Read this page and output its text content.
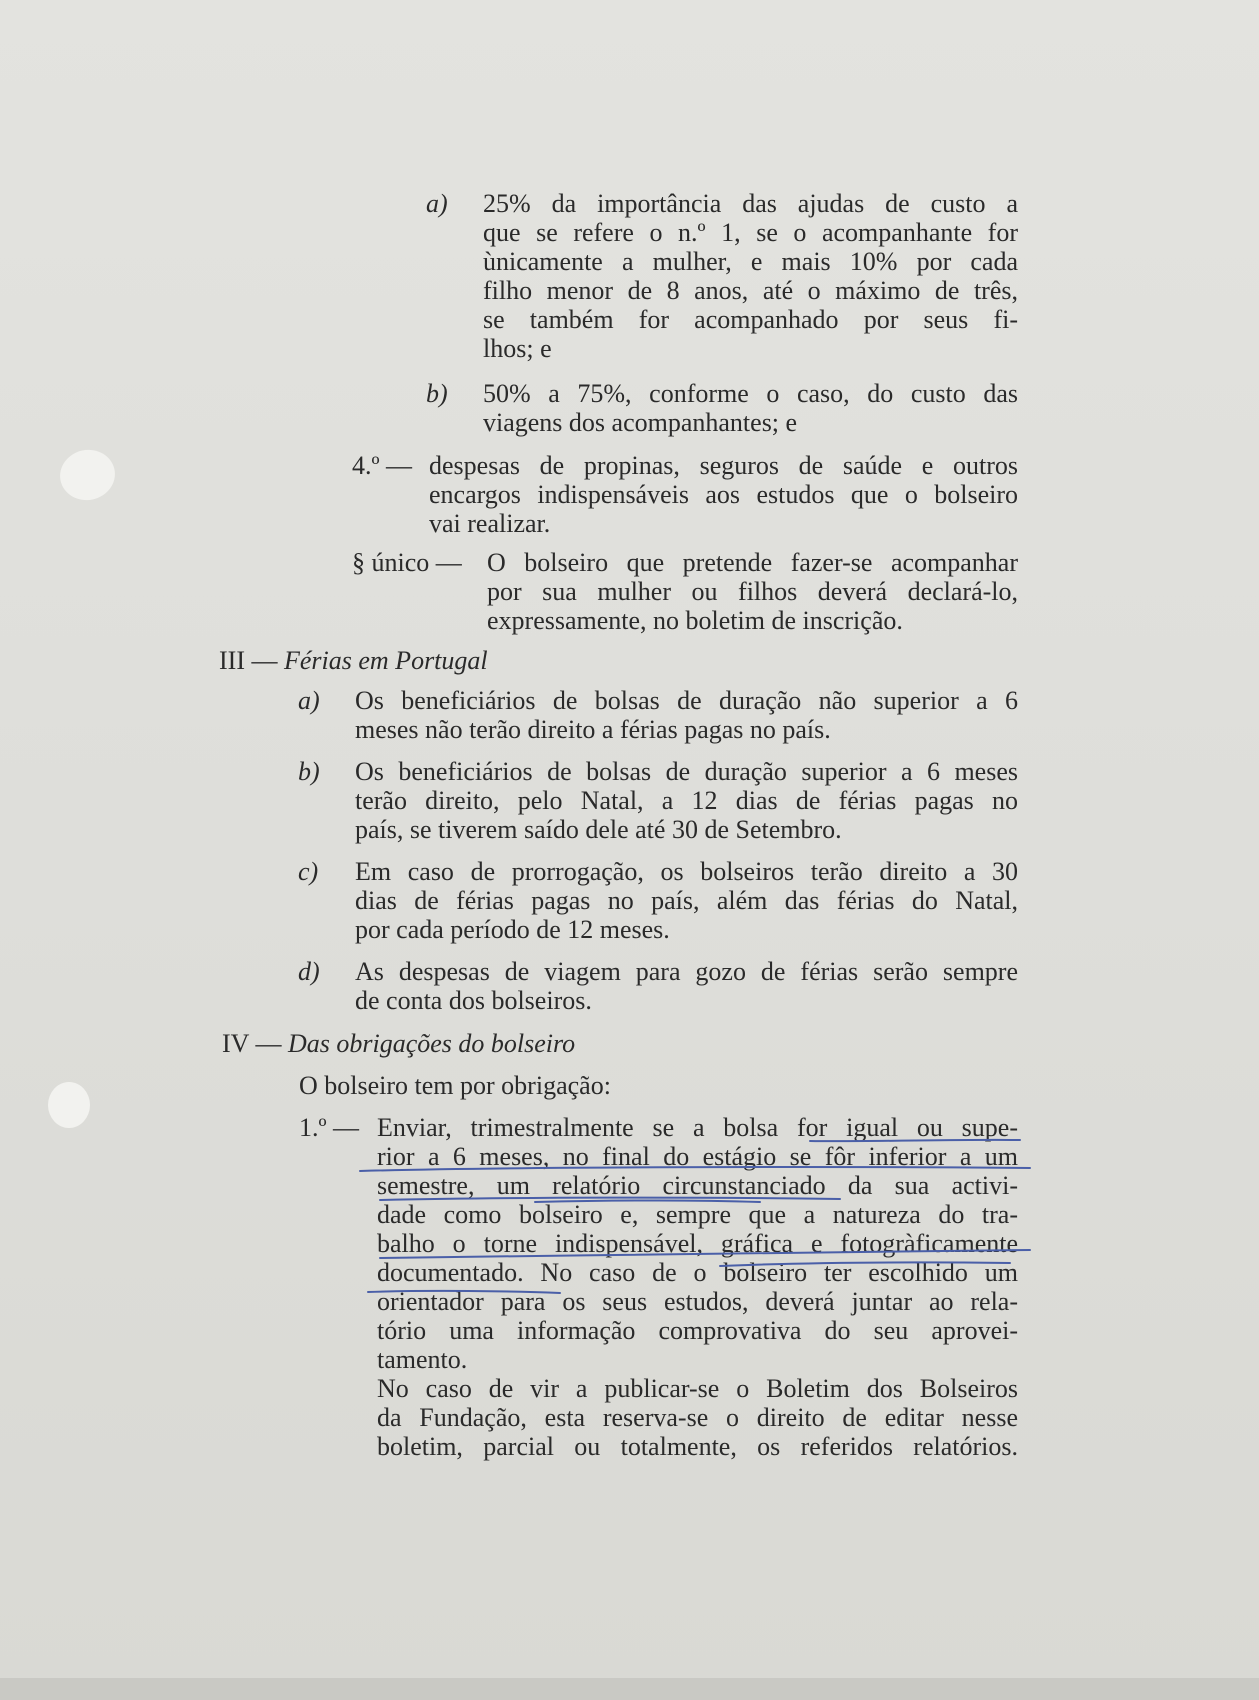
a) 25% da importância das ajudas de custo a

que se refere o n.º 1, se o acompanhante for

ùnicamente a mulher, e mais 10% por cada

filho menor de 8 anos, até o máximo de três,

se também for acompanhado por seus fi-

lhos; e

b) 50% a 75%, conforme o caso, do custo das

viagens dos acompanhantes; e

4.º — despesas de propinas, seguros de saúde e outros

encargos indispensáveis aos estudos que o bolseiro

vai realizar.

§ único — O bolseiro que pretende fazer-se acompanhar

por sua mulher ou filhos deverá declará-lo,

expressamente, no boletim de inscrição.

III — Férias em Portugal

a) Os beneficiários de bolsas de duração não superior a 6

meses não terão direito a férias pagas no país.

b) Os beneficiários de bolsas de duração superior a 6 meses

terão direito, pelo Natal, a 12 dias de férias pagas no

país, se tiverem saído dele até 30 de Setembro.

c) Em caso de prorrogação, os bolseiros terão direito a 30

dias de férias pagas no país, além das férias do Natal,

por cada período de 12 meses.

d) As despesas de viagem para gozo de férias serão sempre

de conta dos bolseiros.

IV — Das obrigações do bolseiro

O bolseiro tem por obrigação:

1.º — Enviar, trimestralmente se a bolsa for igual ou supe-

rior a 6 meses, no final do estágio se fôr inferior a um

semestre, um relatório circunstanciado da sua activi-

dade como bolseiro e, sempre que a natureza do tra-

balho o torne indispensável, gráfica e fotogràficamente

documentado. No caso de o bolseiro ter escolhido um

orientador para os seus estudos, deverá juntar ao rela-

tório uma informação comprovativa do seu aprovei-

tamento.

No caso de vir a publicar-se o Boletim dos Bolseiros

da Fundação, esta reserva-se o direito de editar nesse

boletim, parcial ou totalmente, os referidos relatórios.
